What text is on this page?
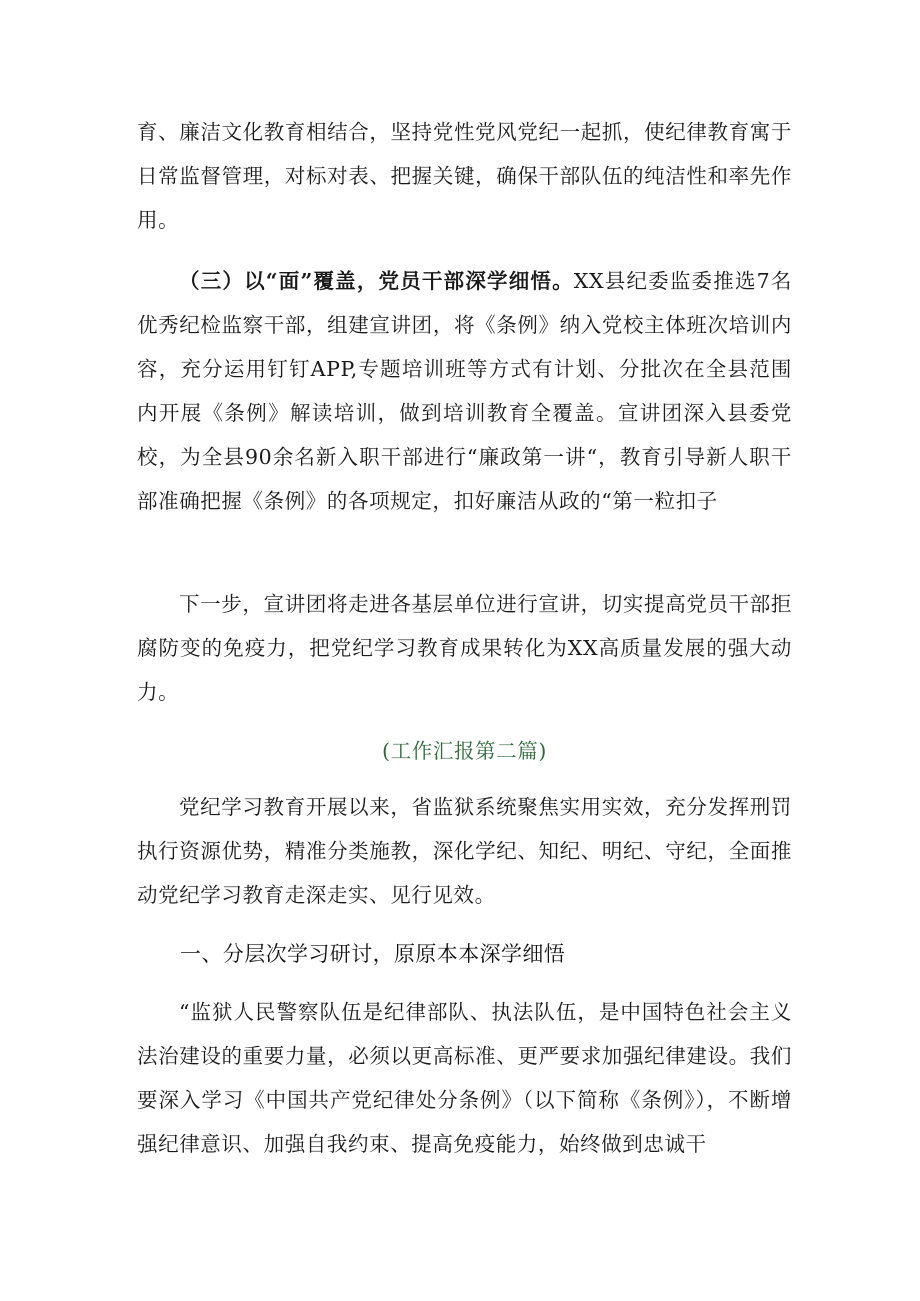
育、廉洁文化教育相结合，坚持党性党风党纪一起抓，使纪律教育寓于日常监督管理，对标对表、把握关键，确保干部队伍的纯洁性和率先作用。

（三）以“面”覆盖，党员干部深学细悟。XX县纪委监委推选7名优秀纪检监察干部，组建宣讲团，将《条例》纳入党校主体班次培训内容，充分运用钉钉APP,专题培训班等方式有计划、分批次在全县范围内开展《条例》解读培训，做到培训教育全覆盖。宣讲团深入县委党校，为全县90余名新入职干部进行“廉政第一讲“，教育引导新人职干部准确把握《条例》的各项规定，扣好廉洁从政的“第一粒扣子

下一步，宣讲团将走进各基层单位进行宣讲，切实提高党员干部拒腐防变的免疫力，把党纪学习教育成果转化为XX高质量发展的强大动力。

(工作汇报第二篇)

党纪学习教育开展以来，省监狱系统聚焦实用实效，充分发挥刑罚执行资源优势，精准分类施教，深化学纪、知纪、明纪、守纪，全面推动党纪学习教育走深走实、见行见效。

一、分层次学习研讨，原原本本深学细悟

“监狱人民警察队伍是纪律部队、执法队伍，是中国特色社会主义法治建设的重要力量，必须以更高标准、更严要求加强纪律建设。我们要深入学习《中国共产党纪律处分条例》（以下简称《条例》），不断增强纪律意识、加强自我约束、提高免疫能力，始终做到忠诚干
